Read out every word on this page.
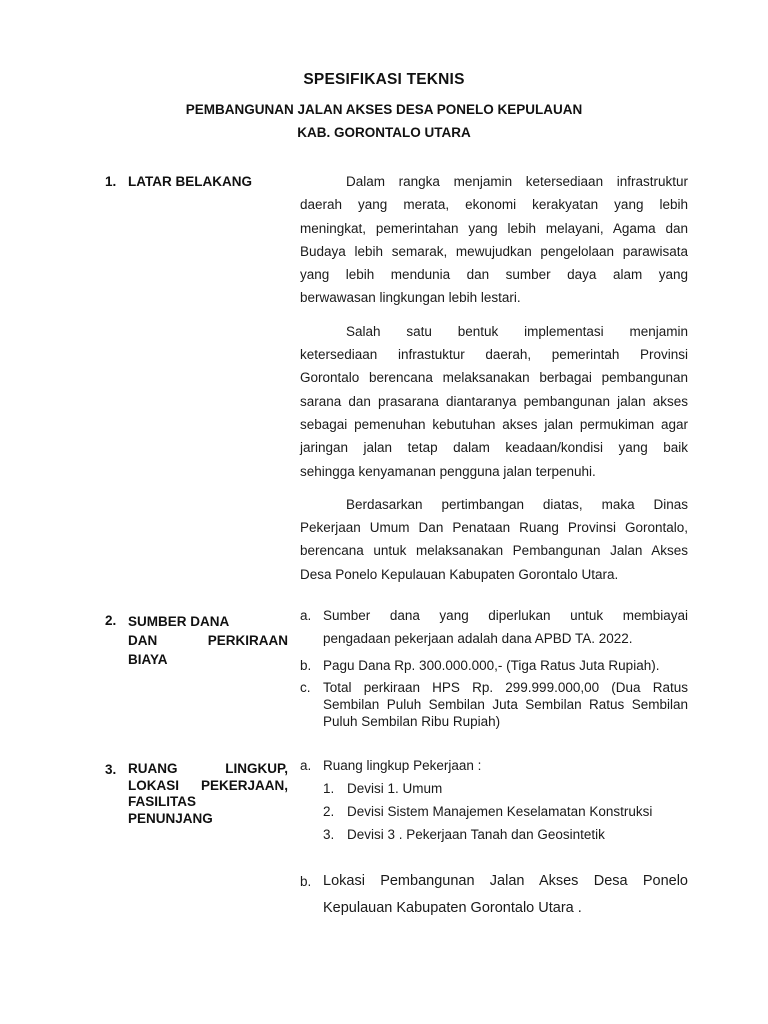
SPESIFIKASI TEKNIS
PEMBANGUNAN JALAN AKSES DESA PONELO KEPULAUAN
KAB. GORONTALO UTARA
1. LATAR BELAKANG	Dalam rangka menjamin ketersediaan infrastruktur

daerah yang merata, ekonomi kerakyatan yang lebih

meningkat, pemerintahan yang lebih melayani, Agama dan

Budaya lebih semarak, mewujudkan pengelolaan parawisata

yang lebih mendunia dan sumber daya alam yang

berwawasan lingkungan lebih lestari.

Salah satu bentuk implementasi menjamin

ketersediaan infrastuktur daerah, pemerintah Provinsi

Gorontalo berencana melaksanakan berbagai pembangunan

sarana dan prasarana diantaranya pembangunan jalan akses

sebagai pemenuhan kebutuhan akses jalan permukiman agar

jaringan jalan tetap dalam keadaan/kondisi yang baik

sehingga kenyamanan pengguna jalan terpenuhi.

Berdasarkan pertimbangan diatas, maka Dinas

Pekerjaan Umum Dan Penataan Ruang Provinsi Gorontalo,

berencana untuk melaksanakan Pembangunan Jalan Akses

Desa Ponelo Kepulauan Kabupaten Gorontalo Utara.

2. SUMBER DANA
DAN PERKIRAAN
BIAYA
a. Sumber dana yang diperlukan untuk membiayai
pengadaan pekerjaan adalah dana APBD TA. 2022.
b. Pagu Dana Rp. 300.000.000,- (Tiga Ratus Juta Rupiah).
c. Total perkiraan HPS Rp. 299.999.000,00 (Dua Ratus
Sembilan Puluh Sembilan Juta Sembilan Ratus Sembilan
Puluh Sembilan Ribu Rupiah)
3. RUANG LINGKUP,
LOKASI PEKERJAAN,
FASILITAS
PENUNJANG
a. Ruang lingkup Pekerjaan :
1. Devisi 1. Umum
2. Devisi Sistem Manajemen Keselamatan Konstruksi
3. Devisi 3 . Pekerjaan Tanah dan Geosintetik
b. Lokasi Pembangunan Jalan Akses Desa Ponelo
Kepulauan Kabupaten Gorontalo Utara .
